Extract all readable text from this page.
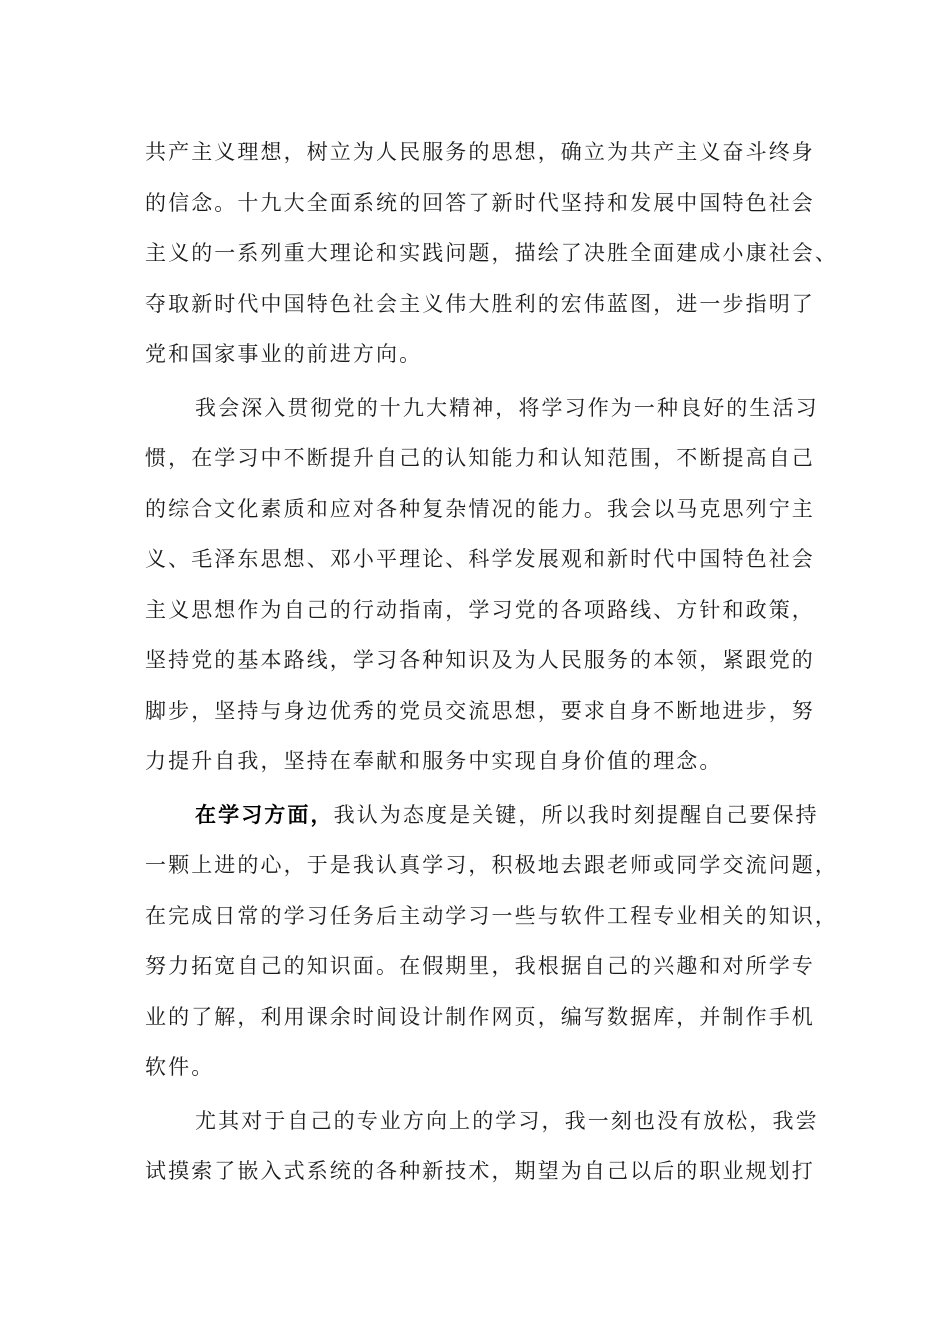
共产主义理想，树立为人民服务的思想，确立为共产主义奋斗终身
的信念。十九大全面系统的回答了新时代坚持和发展中国特色社会
主义的一系列重大理论和实践问题，描绘了决胜全面建成小康社会、
夺取新时代中国特色社会主义伟大胜利的宏伟蓝图，进一步指明了
党和国家事业的前进方向。
我会深入贯彻党的十九大精神，将学习作为一种良好的生活习
惯，在学习中不断提升自己的认知能力和认知范围，不断提高自己
的综合文化素质和应对各种复杂情况的能力。我会以马克思列宁主
义、毛泽东思想、邓小平理论、科学发展观和新时代中国特色社会
主义思想作为自己的行动指南，学习党的各项路线、方针和政策，
坚持党的基本路线，学习各种知识及为人民服务的本领，紧跟党的
脚步，坚持与身边优秀的党员交流思想，要求自身不断地进步，努
力提升自我，坚持在奉献和服务中实现自身价值的理念。
在学习方面，我认为态度是关键，所以我时刻提醒自己要保持
一颗上进的心，于是我认真学习，积极地去跟老师或同学交流问题，
在完成日常的学习任务后主动学习一些与软件工程专业相关的知识，
努力拓宽自己的知识面。在假期里，我根据自己的兴趣和对所学专
业的了解，利用课余时间设计制作网页，编写数据库，并制作手机
软件。
尤其对于自己的专业方向上的学习，我一刻也没有放松，我尝
试摸索了嵌入式系统的各种新技术，期望为自己以后的职业规划打
